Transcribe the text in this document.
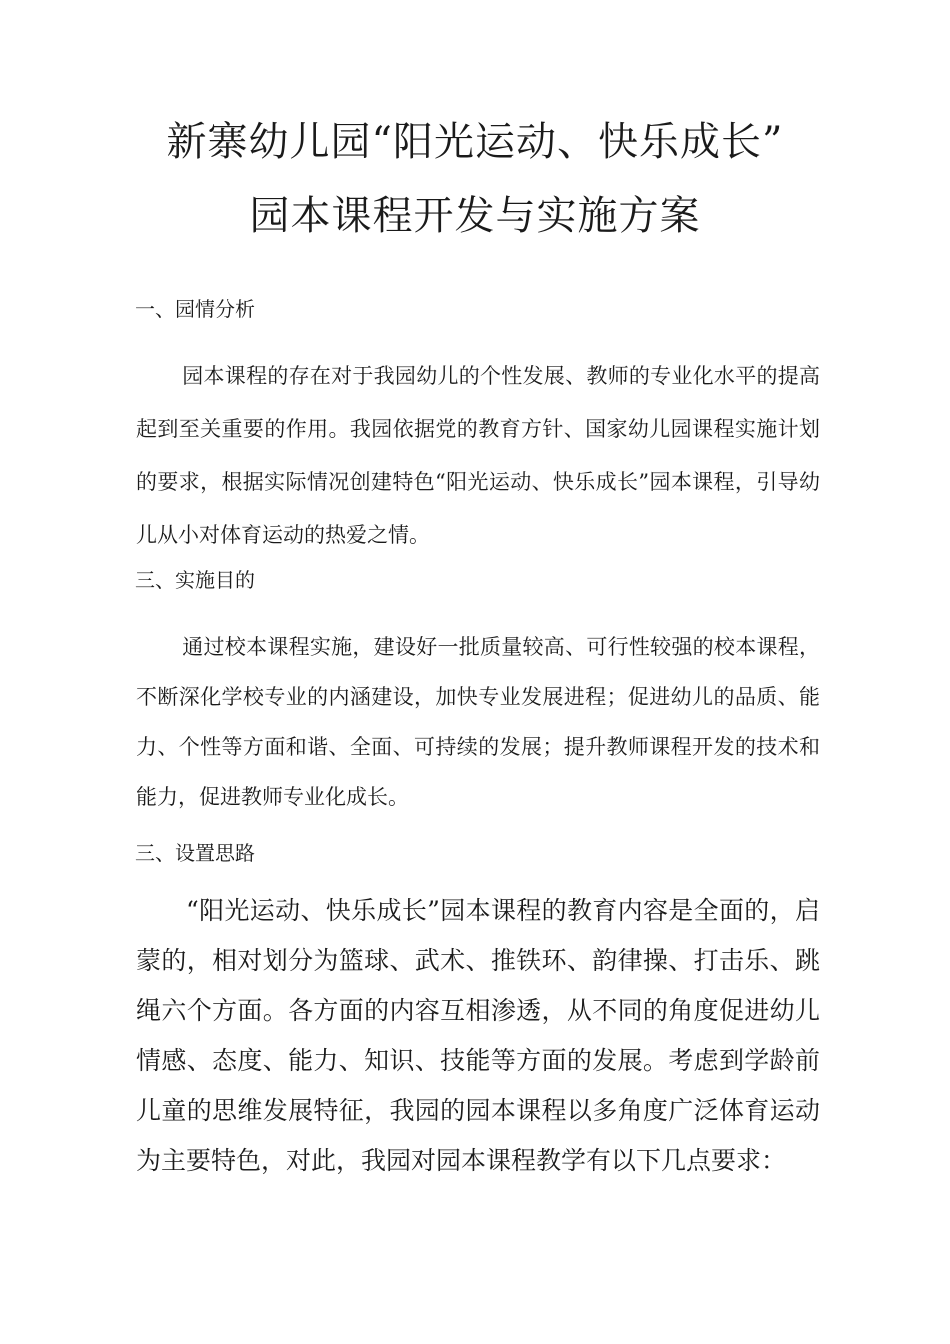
新寨幼儿园“阳光运动、快乐成长”
园本课程开发与实施方案
一、园情分析
园本课程的存在对于我园幼儿的个性发展、教师的专业化水平的提高起到至关重要的作用。我园依据党的教育方针、国家幼儿园课程实施计划的要求，根据实际情况创建特色“阳光运动、快乐成长”园本课程，引导幼儿从小对体育运动的热爱之情。
三、实施目的
通过校本课程实施，建设好一批质量较高、可行性较强的校本课程，不断深化学校专业的内涵建设，加快专业发展进程；促进幼儿的品质、能力、个性等方面和谐、全面、可持续的发展；提升教师课程开发的技术和能力，促进教师专业化成长。
三、设置思路
“阳光运动、快乐成长”园本课程的教育内容是全面的，启蒙的，相对划分为篮球、武术、推铁环、韵律操、打击乐、跳绳六个方面。各方面的内容互相渗透，从不同的角度促进幼儿情感、态度、能力、知识、技能等方面的发展。考虑到学龄前儿童的思维发展特征，我园的园本课程以多角度广泛体育运动为主要特色，对此，我园对园本课程教学有以下几点要求：
